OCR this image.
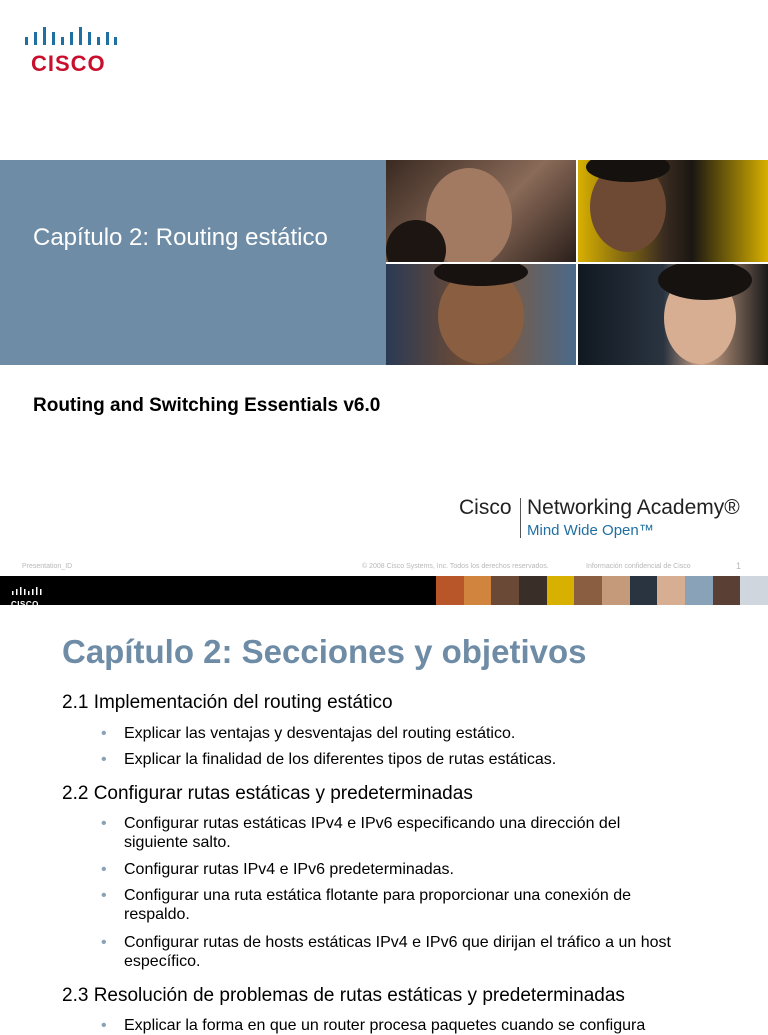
CISCO
Capítulo 2: Routing estático
Routing and Switching Essentials v6.0
Cisco Networking Academy®
Mind Wide Open™
Presentation_ID	© 2008 Cisco Systems, Inc. Todos los derechos reservados.	Información confidencial de Cisco	1
CISCO.
Capítulo 2: Secciones y objetivos
2.1 Implementación del routing estático
• Explicar las ventajas y desventajas del routing estático.
• Explicar la finalidad de los diferentes tipos de rutas estáticas.
2.2 Configurar rutas estáticas y predeterminadas
• Configurar rutas estáticas IPv4 e IPv6 especificando una dirección del siguiente salto.
• Configurar rutas IPv4 e IPv6 predeterminadas.
• Configurar una ruta estática flotante para proporcionar una conexión de respaldo.
• Configurar rutas de hosts estáticas IPv4 e IPv6 que dirijan el tráfico a un host específico.
2.3 Resolución de problemas de rutas estáticas y predeterminadas
• Explicar la forma en que un router procesa paquetes cuando se configura
